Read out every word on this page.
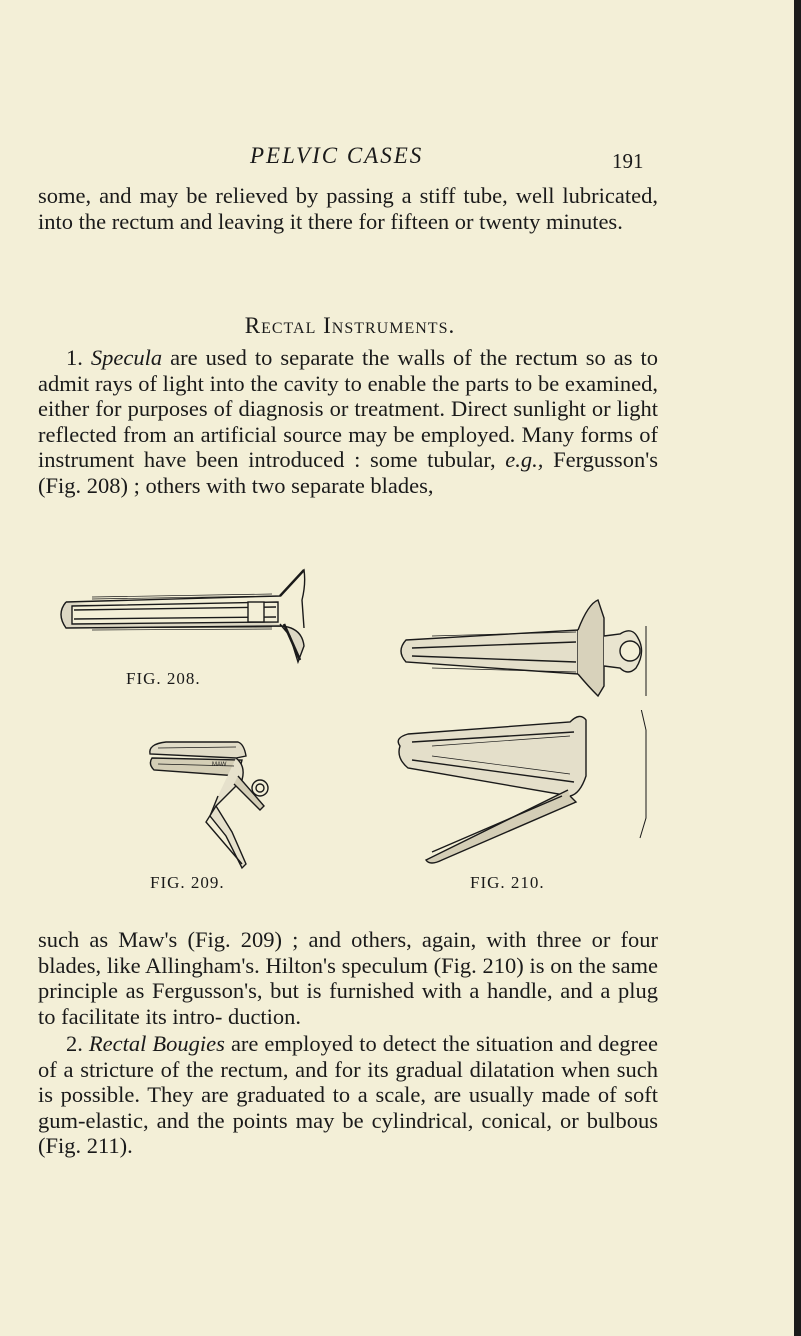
PELVIC CASES	191

some, and may be relieved by passing a stiff tube, well lubricated, into the rectum and leaving it there for fifteen or twenty minutes.

Rectal Instruments.

1. Specula are used to separate the walls of the rectum so as to admit rays of light into the cavity to enable the parts to be examined, either for purposes of diagnosis or treatment. Direct sunlight or light reflected from an artificial source may be employed. Many forms of instrument have been introduced : some tubular, e.g., Fergusson's (Fig. 208) ; others with two separate blades,

FIG. 208.
MAW
FIG. 209.	FIG. 210.

such as Maw's (Fig. 209) ; and others, again, with three or four blades, like Allingham's. Hilton's speculum (Fig. 210) is on the same principle as Fergusson's, but is furnished with a handle, and a plug to facilitate its intro- duction.

2. Rectal Bougies are employed to detect the situation and degree of a stricture of the rectum, and for its gradual dilatation when such is possible. They are graduated to a scale, are usually made of soft gum-elastic, and the points may be cylindrical, conical, or bulbous (Fig. 211).
